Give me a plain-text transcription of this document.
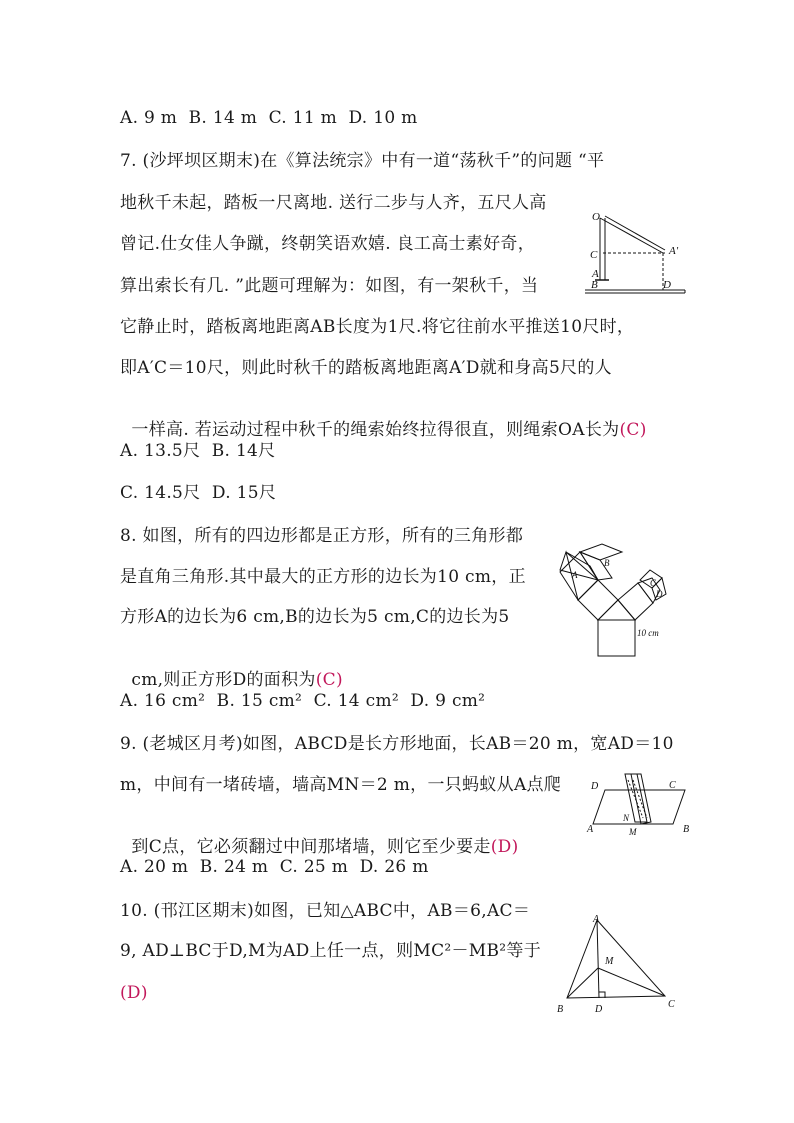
A. 9 m  B. 14 m  C. 11 m  D. 10 m
7. (沙坪坝区期末)在《算法统宗》中有一道“荡秋千”的问题 “平
地秋千未起，踏板一尺离地. 送行二步与人齐，五尺人高
曾记.仕女佳人争蹴，终朝笑语欢嬉. 良工高士素好奇，
算出索长有几. ”此题可理解为：如图，有一架秋千，当
它静止时，踏板离地距离AB长度为1尺.将它往前水平推送10尺时，
即A′C＝10尺，则此时秋千的踏板离地距离A′D就和身高5尺的人

一样高. 若运动过程中秋千的绳索始终拉得很直，则绳索OA长为(C)

A. 13.5尺  B. 14尺
C. 14.5尺  D. 15尺
8. 如图，所有的四边形都是正方形，所有的三角形都
是直角三角形.其中最大的正方形的边长为10 cm，正
方形A的边长为6 cm,B的边长为5 cm,C的边长为5

cm,则正方形D的面积为(C)

A. 16 cm²  B. 15 cm²  C. 14 cm²  D. 9 cm²
9. (老城区月考)如图，ABCD是长方形地面，长AB＝20 m，宽AD＝10
m，中间有一堵砖墙，墙高MN＝2 m，一只蚂蚁从A点爬

到C点，它必须翻过中间那堵墙，则它至少要走(D)

A. 20 m  B. 24 m  C. 25 m  D. 26 m
10. (邗江区期末)如图，已知△ABC中，AB＝6,AC＝
9, AD⊥BC于D,M为AD上任一点，则MC²－MB²等于
(D)
O
C	A′
A
B	D
A
B
C
D
10 cm
D	C
A	B
N
M
A
M
B	D	C
